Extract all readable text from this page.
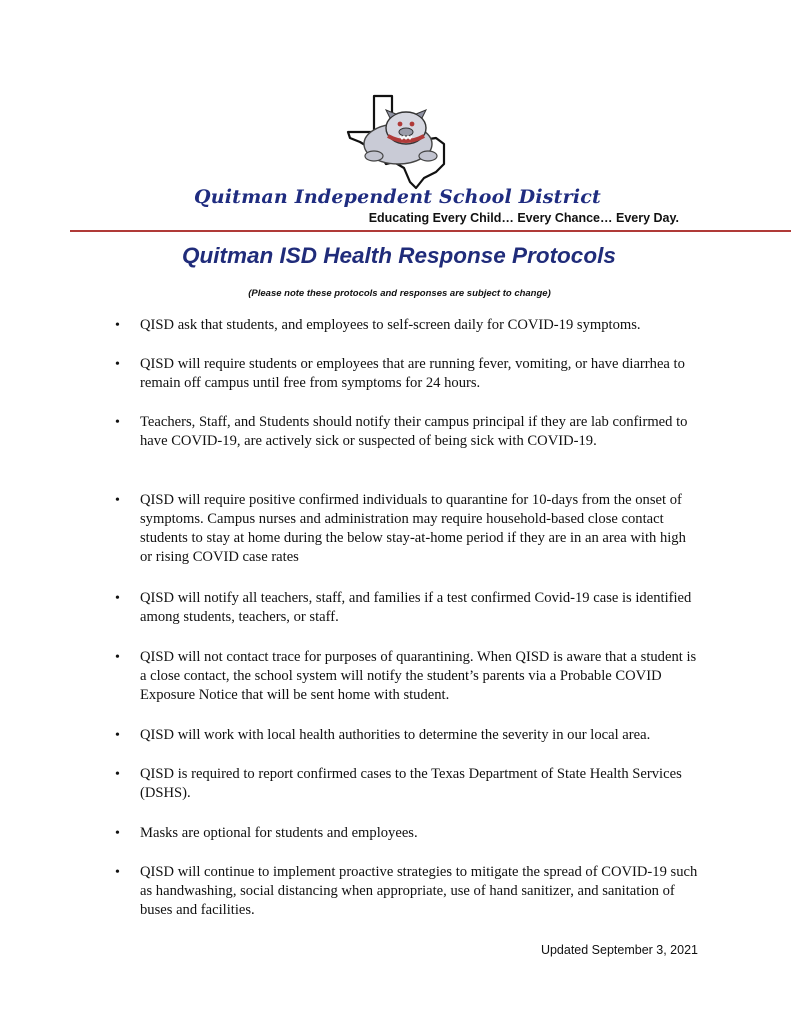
Quitman Independent School District
Educating Every Child… Every Chance… Every Day.
Quitman ISD Health Response Protocols
(Please note these protocols and responses are subject to change)
• QISD ask that students, and employees to self-screen daily for COVID-19 symptoms.

• QISD will require students or employees that are running fever, vomiting, or have diarrhea to remain off campus until free from symptoms for 24 hours.

• Teachers, Staff, and Students should notify their campus principal if they are lab confirmed to have COVID-19, are actively sick or suspected of being sick with COVID-19.

• QISD will require positive confirmed individuals to quarantine for 10-days from the onset of symptoms. Campus nurses and administration may require household-based close contact students to stay at home during the below stay-at-home period if they are in an area with high or rising COVID case rates

• QISD will notify all teachers, staff, and families if a test confirmed Covid-19 case is identified among students, teachers, or staff.

• QISD will not contact trace for purposes of quarantining. When QISD is aware that a student is a close contact, the school system will notify the student’s parents via a Probable COVID Exposure Notice that will be sent home with student.

• QISD will work with local health authorities to determine the severity in our local area.

• QISD is required to report confirmed cases to the Texas Department of State Health Services (DSHS).

• Masks are optional for students and employees.

• QISD will continue to implement proactive strategies to mitigate the spread of COVID-19 such as handwashing, social distancing when appropriate, use of hand sanitizer, and sanitation of buses and facilities.

Updated September 3, 2021
